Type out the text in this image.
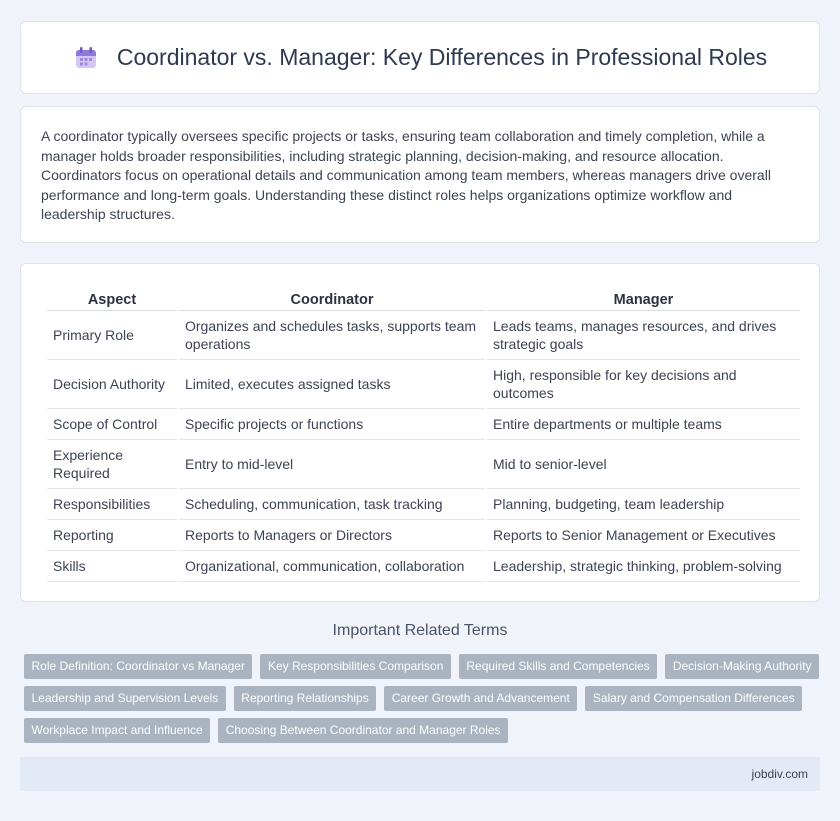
Coordinator vs. Manager: Key Differences in Professional Roles

A coordinator typically oversees specific projects or tasks, ensuring team collaboration and timely completion, while a manager holds broader responsibilities, including strategic planning, decision-making, and resource allocation. Coordinators focus on operational details and communication among team members, whereas managers drive overall performance and long-term goals. Understanding these distinct roles helps organizations optimize workflow and leadership structures.

Aspect	Coordinator	Manager
Primary Role	Organizes and schedules tasks, supports team operations	Leads teams, manages resources, and drives strategic goals
Decision Authority	Limited, executes assigned tasks	High, responsible for key decisions and outcomes
Scope of Control	Specific projects or functions	Entire departments or multiple teams
Experience Required	Entry to mid-level	Mid to senior-level
Responsibilities	Scheduling, communication, task tracking	Planning, budgeting, team leadership
Reporting	Reports to Managers or Directors	Reports to Senior Management or Executives
Skills	Organizational, communication, collaboration	Leadership, strategic thinking, problem-solving
Important Related Terms
Role Definition: Coordinator vs Manager	Key Responsibilities Comparison	Required Skills and Competencies	Decision-Making Authority
Leadership and Supervision Levels	Reporting Relationships	Career Growth and Advancement	Salary and Compensation Differences
Workplace Impact and Influence	Choosing Between Coordinator and Manager Roles
jobdiv.com
